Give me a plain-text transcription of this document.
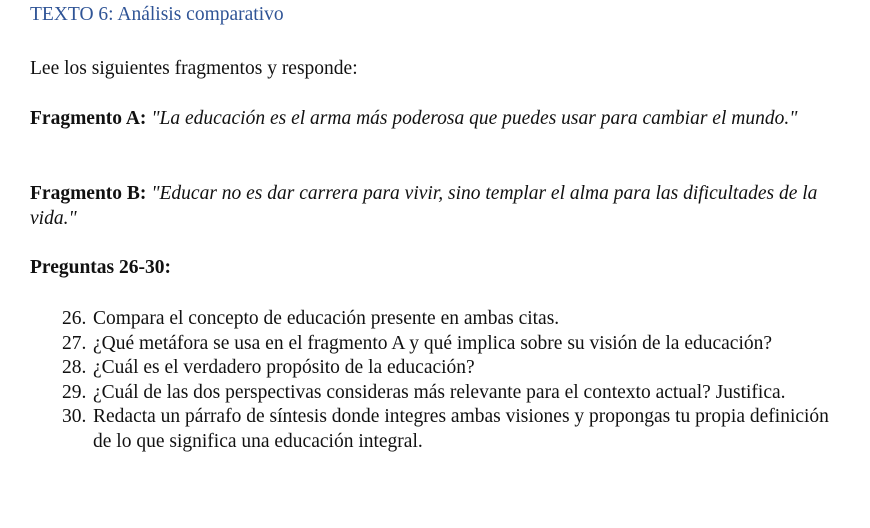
TEXTO 6: Análisis comparativo
Lee los siguientes fragmentos y responde:
Fragmento A: "La educación es el arma más poderosa que puedes usar para cambiar el mundo."
Fragmento B: "Educar no es dar carrera para vivir, sino templar el alma para las dificultades de la vida."
Preguntas 26-30:
26. Compara el concepto de educación presente en ambas citas.
27. ¿Qué metáfora se usa en el fragmento A y qué implica sobre su visión de la educación?
28. ¿Cuál es el verdadero propósito de la educación?
29. ¿Cuál de las dos perspectivas consideras más relevante para el contexto actual? Justifica.
30. Redacta un párrafo de síntesis donde integres ambas visiones y propongas tu propia definición de lo que significa una educación integral.
